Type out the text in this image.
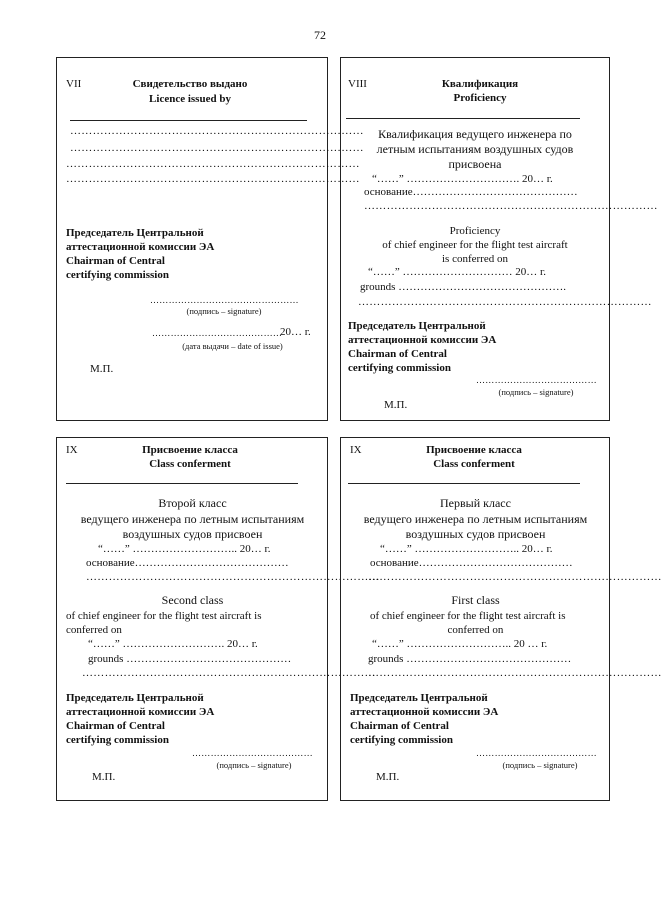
72
VII	Свидетельство выдано
Licence issued by
……………………………………………………………………
……………………………………………………………………
……………………………………………………………………
……………………………………………………………………
Председатель Центральной
аттестационной комиссии ЭА
Chairman of Central
certifying commission
…………………………………………
(подпись – signature)
……………………………………
20… г.
(дата выдачи – date of issue)
М.П.
VIII	Квалификация
Proficiency
Квалификация ведущего инженера по
летным испытаниям воздушных судов
присвоена
“……” …………………………. 20… г.
основание………………………………………
……………………………………………………………………
Proficiency
of chief engineer for the flight test aircraft
is conferred on
“……” ………………………… 20… г.
grounds ……………………………………….
……………………………………………………………………
Председатель Центральной
аттестационной комиссии ЭА
Chairman of Central
certifying commission
…………………………………
(подпись – signature)
М.П.
IX	Присвоение класса
Class conferment
Второй класс
ведущего инженера по летным испытаниям
воздушных судов присвоен
“……” ……………………….. 20… г.
основание……………………………………
……………………………………………………………………
Second class
of chief engineer for the flight test aircraft is
conferred on
“……” ………………………. 20… г.
grounds ………………………………………
……………………………………………………………………
Председатель Центральной
аттестационной комиссии ЭА
Chairman of Central
certifying commission
…………………………………
(подпись – signature)
М.П.
IX	Присвоение класса
Class conferment
Первый класс
ведущего инженера по летным испытаниям
воздушных судов присвоен
“……” ……………………….. 20… г.
основание……………………………………
……………………………………………………………………
First class
of chief engineer for the flight test aircraft is
conferred on
“……” ……………………….. 20 … г.
grounds ………………………………………
……………………………………………………………………
Председатель Центральной
аттестационной комиссии ЭА
Chairman of Central
certifying commission
…………………………………
(подпись – signature)
М.П.
